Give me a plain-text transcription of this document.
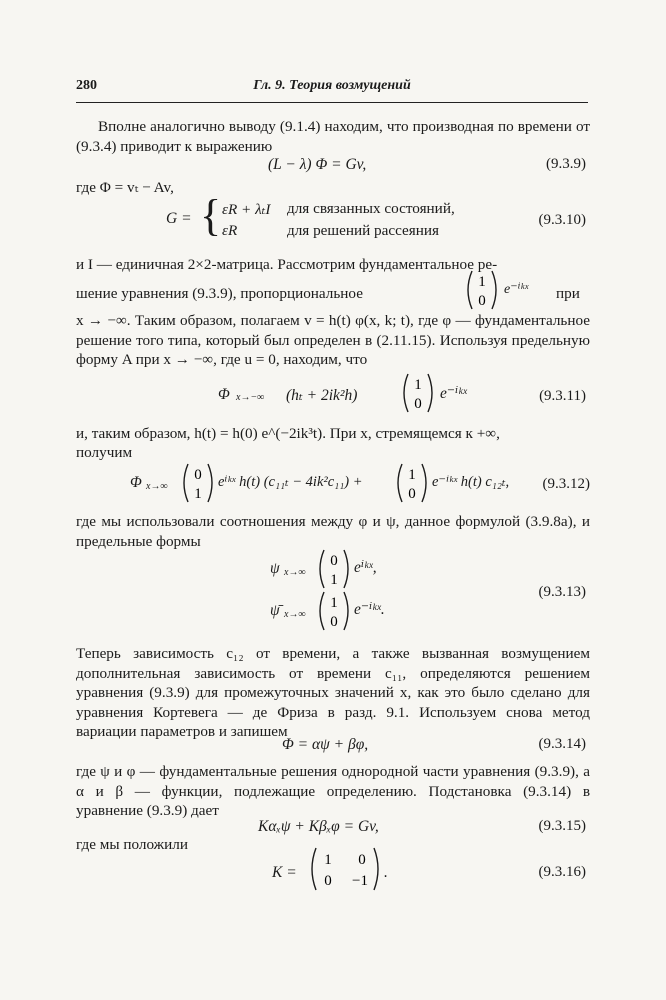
280	Гл. 9. Теория возмущений
Вполне аналогично выводу (9.1.4) находим, что производная по времени от (9.3.4) приводит к выражению
(L − λ) Φ = Gv,	(9.3.9)
где Φ = vₜ − Av,
G = { εR + λₜI для связанных состояний,
εR	для решений рассеяния
(9.3.10)
и I — единичная 2×2-матрица. Рассмотрим фундаментальное ре-
шение уравнения (9.3.9), пропорциональное
1
0
e⁻ⁱᵏˣ при
x → −∞. Таким образом, полагаем v = h(t) φ(x, k; t), где φ — фундаментальное решение того типа, который был определен в (2.11.15). Используя предельную форму A при x → −∞, где u = 0, находим, что
Φ x→−∞ (hₜ + 2ik²h)
1
0
e⁻ⁱᵏˣ	(9.3.11)
и, таким образом, h(t) = h(0) e^(−2ik³t). При x, стремящемся к +∞,
получим
Φ x→∞
0
1
eⁱᵏˣ h(t) (c₁₁ₜ − 4ik²c₁₁) +	1
0
e⁻ⁱᵏˣ h(t) c₁₂ₜ, (9.3.12)
где мы использовали соотношения между φ и ψ, данное формулой (3.9.8а), и предельные формы
ψ x→∞
0
1
eⁱᵏˣ,
ψ̄ x→∞
1
0
e⁻ⁱᵏˣ.
(9.3.13)
Теперь зависимость c₁₂ от времени, а также вызванная возмущением дополнительная зависимость от времени c₁₁, определяются решением уравнения (9.3.9) для промежуточных значений x, как это было сделано для уравнения Кортевега — де Фриза в разд. 9.1. Используем снова метод вариации параметров и запишем
Φ = αψ + βφ,	(9.3.14)
где ψ и φ — фундаментальные решения однородной части уравнения (9.3.9), а α и β — функции, подлежащие определению. Подстановка (9.3.14) в уравнение (9.3.9) дает
Kαₓψ + Kβₓφ = Gv,	(9.3.15)
где мы положили
K =
1 0
0 −1 .	(9.3.16)
